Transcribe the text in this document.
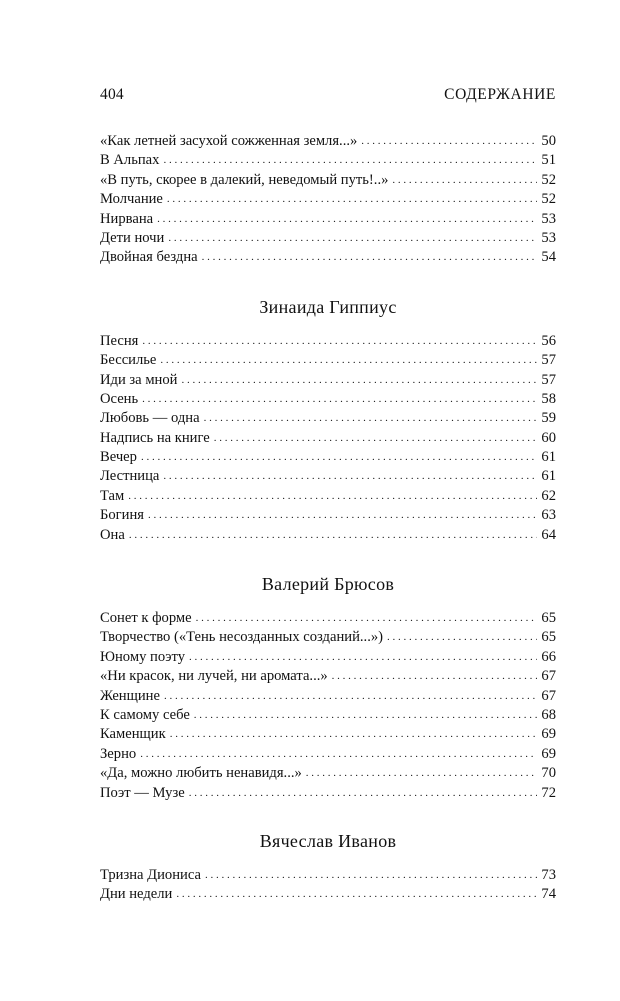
404	СОДЕРЖАНИЕ
«Как летней засухой сожженная земля...» . . .	50
В Альпах . . .	51
«В путь, скорее в далекий, неведомый путь!..» . . .	52
Молчание . . .	52
Нирвана . . .	53
Дети ночи . . .	53
Двойная бездна . . .	54
Зинаида Гиппиус
Песня . . .	56
Бессилье . . .	57
Иди за мной . . .	57
Осень . . .	58
Любовь — одна . . .	59
Надпись на книге . . .	60
Вечер . . .	61
Лестница . . .	61
Там . . .	62
Богиня . . .	63
Она . . .	64
Валерий Брюсов
Сонет к форме . . .	65
Творчество («Тень несозданных созданий...») . . .	65
Юному поэту . . .	66
«Ни красок, ни лучей, ни аромата...» . . .	67
Женщине . . .	67
К самому себе . . .	68
Каменщик . . .	69
Зерно . . .	69
«Да, можно любить ненавидя...» . . .	70
Поэт — Музе . . .	72
Вячеслав Иванов
Тризна Диониса . . .	73
Дни недели . . .	74
